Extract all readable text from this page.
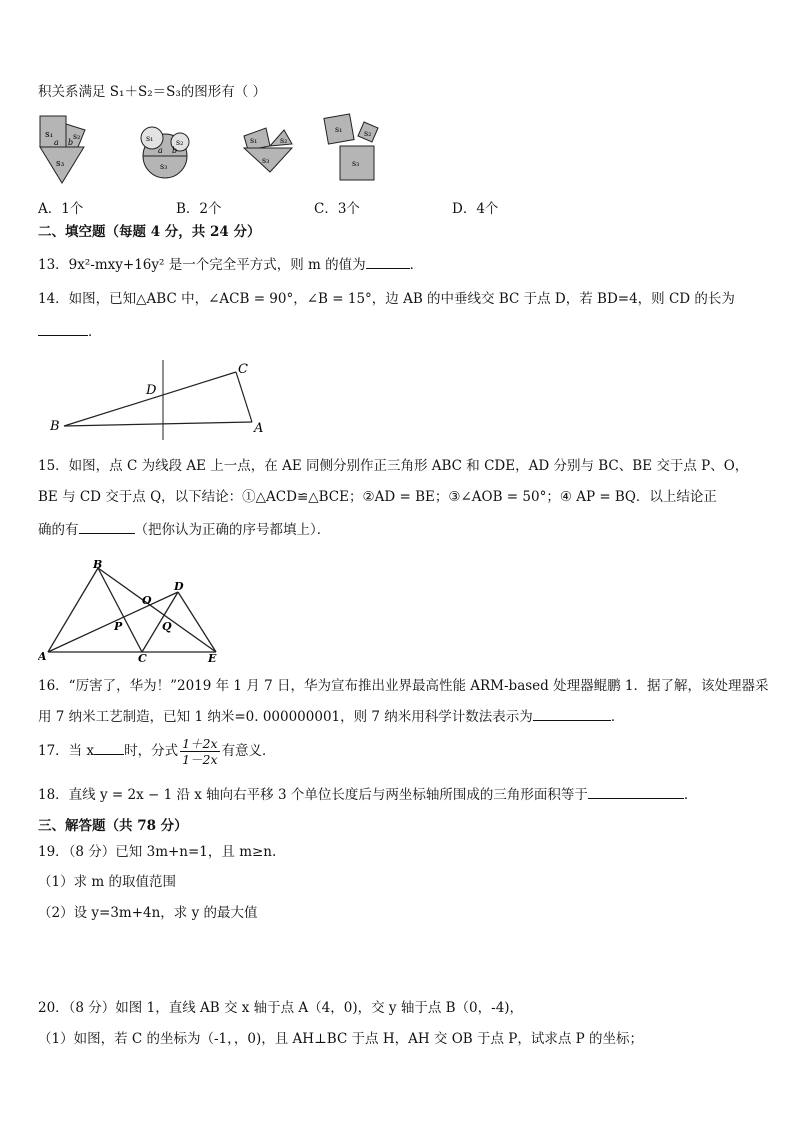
积关系满足 S₁＋S₂＝S₃的图形有（ ）
s₁ s₂
s₃
a b	s₁	s₂
s₃
a b
s₁	s₂
s₃
s₁	s₂
s₃
A．1个	B．2个	C．3个	D．4个
二、填空题（每题 4 分，共 24 分）
13．9x²-mxy+16y² 是一个完全平方式，则 m 的值为	．
14．如图，已知△ABC 中，∠ACB = 90°，∠B = 15°，边 AB 的中垂线交 BC 于点 D，若 BD=4，则 CD 的长为
．
B	A
C
D
15．如图，点 C 为线段 AE 上一点，在 AE 同侧分别作正三角形 ABC 和 CDE，AD 分别与 BC、BE 交于点 P、O，
BE 与 CD 交于点 Q，以下结论：①△ACD≌△BCE；②AD = BE；③∠AOB = 50°；④ AP = BQ．以上结论正
确的有	（把你认为正确的序号都填上）．
A
B
C
D
E
O
P	Q
16．“厉害了，华为！”2019 年 1 月 7 日，华为宣布推出业界最高性能 ARM-based 处理器鲲鹏 1．据了解，该处理器采
用 7 纳米工艺制造，已知 1 纳米=0. 000000001，则 7 纳米用科学计数法表示为	．
17．当 x 时，分式 $\frac{1+2x}{1-2x}$ 有意义．
18．直线 y = 2x − 1 沿 x 轴向右平移 3 个单位长度后与两坐标轴所围成的三角形面积等于	．
三、解答题（共 78 分）
19．（8 分）已知 3m+n=1，且 m≥n.
（1）求 m 的取值范围
（2）设 y=3m+4n，求 y 的最大值
20．（8 分）如图 1，直线 AB 交 x 轴于点 A（4，0)，交 y 轴于点 B（0，-4)，
（1）如图，若 C 的坐标为（-1，，0)，且 AH⊥BC 于点 H，AH 交 OB 于点 P，试求点 P 的坐标；
